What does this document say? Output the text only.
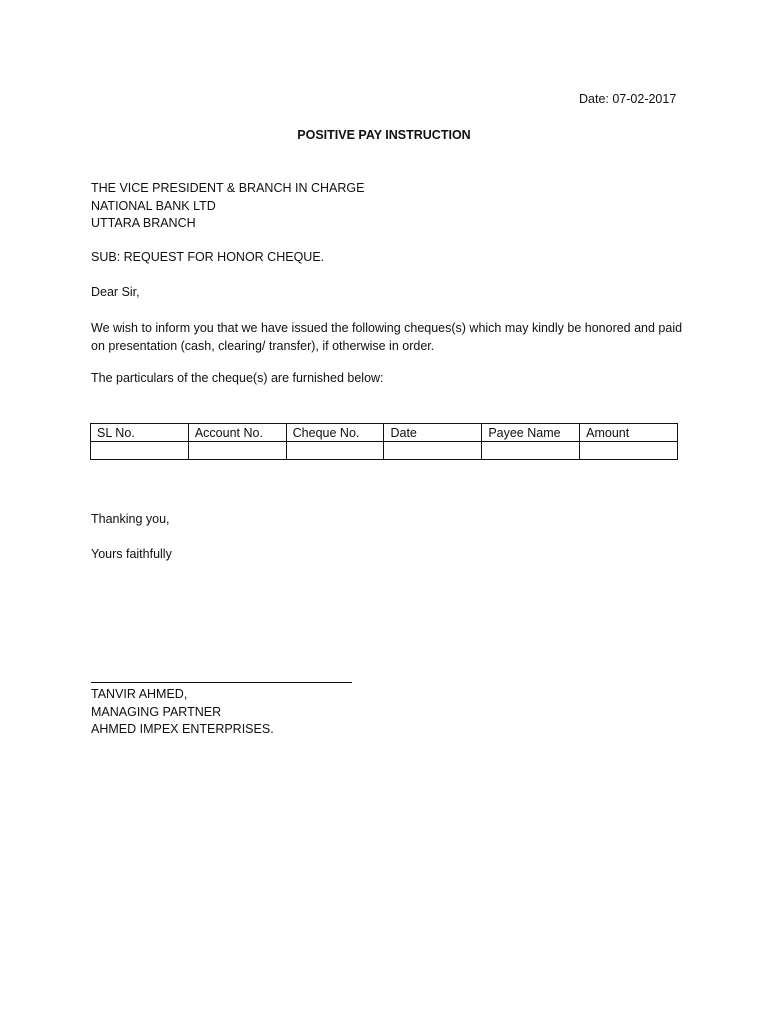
Date: 07-02-2017
POSITIVE PAY INSTRUCTION
THE VICE PRESIDENT & BRANCH IN CHARGE
NATIONAL BANK LTD
UTTARA BRANCH
SUB: REQUEST FOR HONOR CHEQUE.
Dear Sir,
We wish to inform you that we have issued the following cheques(s) which may kindly be honored and paid on presentation (cash, clearing/ transfer), if otherwise in order.
The particulars of the cheque(s) are furnished below:
SL No.	Account No.	Cheque No.	Date	Payee Name	Amount

Thanking you,
Yours faithfully
TANVIR AHMED,
MANAGING PARTNER
AHMED IMPEX ENTERPRISES.
